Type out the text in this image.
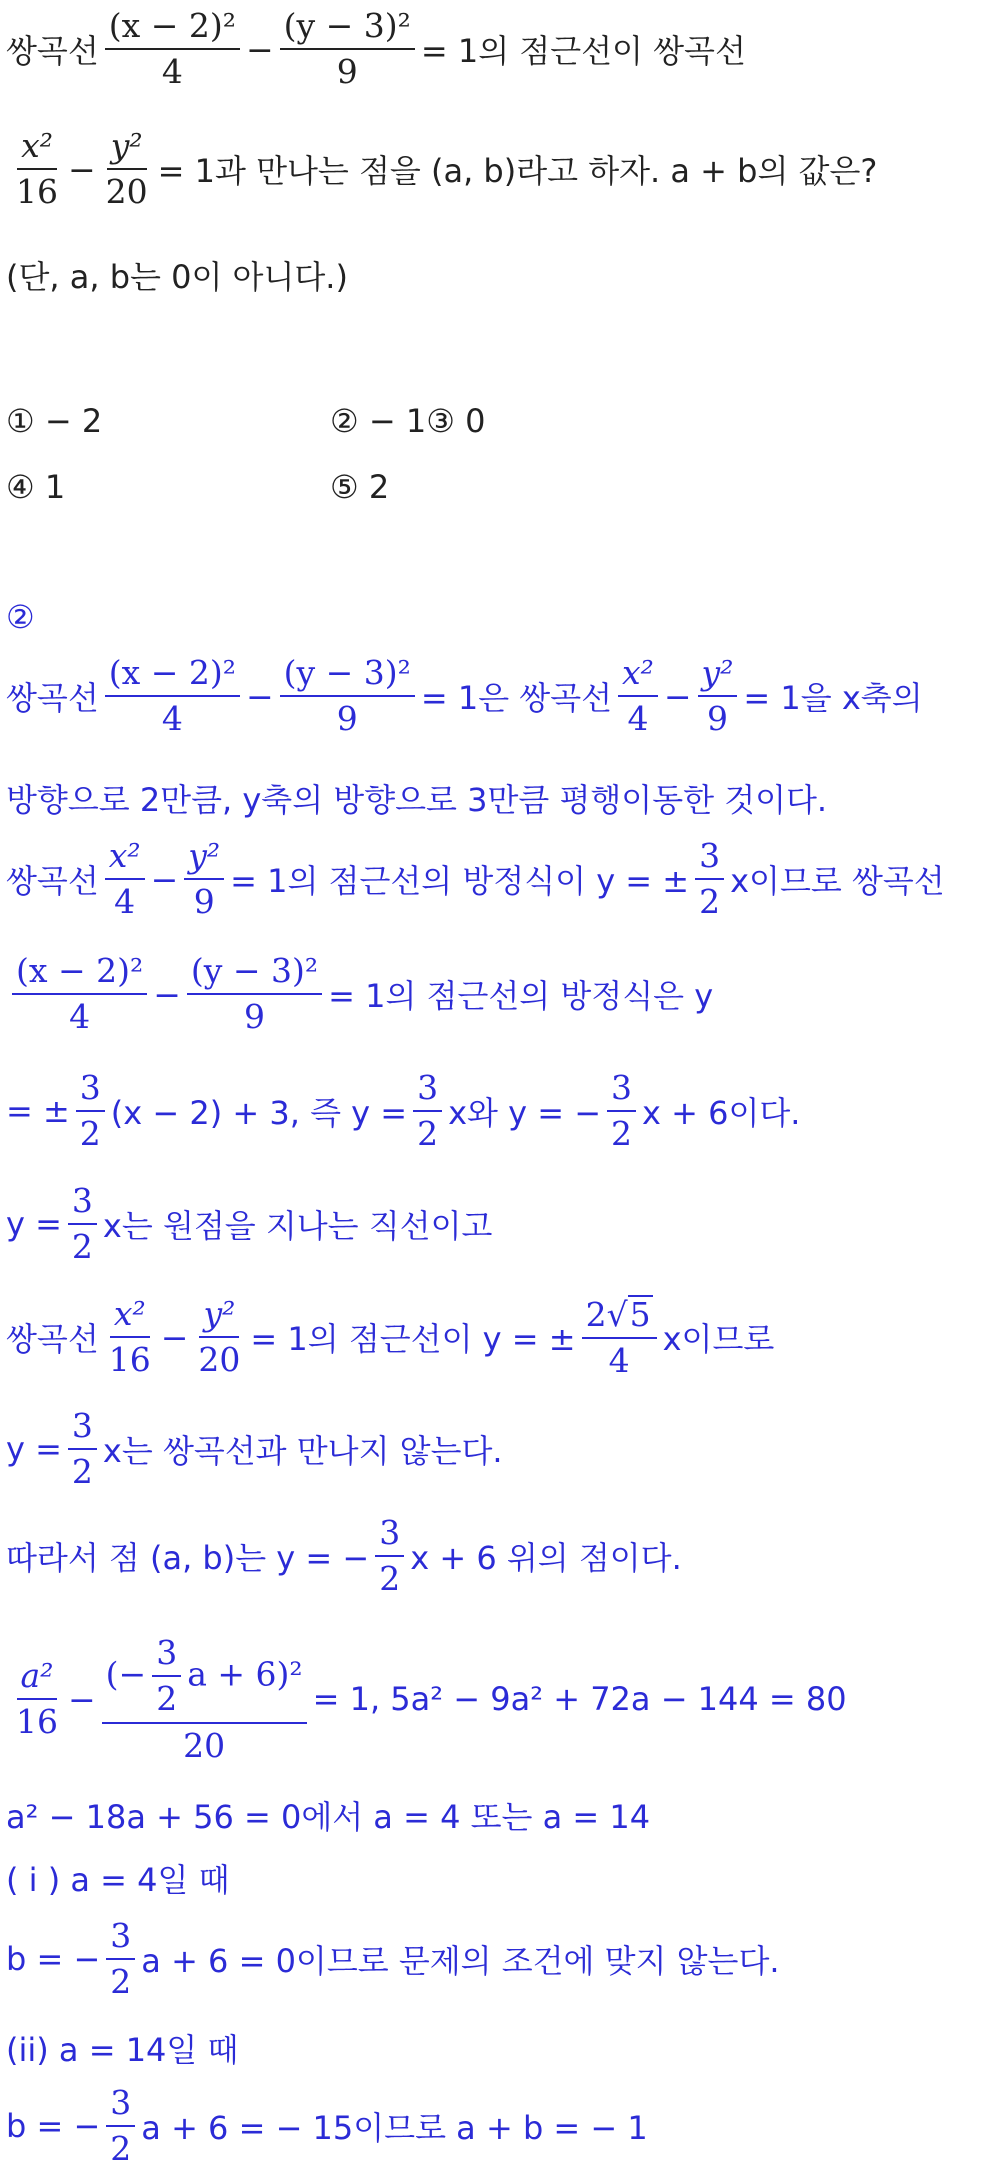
쌍곡선 $\frac{\text{(x − 2)²}}{4} - \frac{\text{(y − 3)²}}{9} = 1$의 점근선이 쌍곡선
$\frac{\text{x²}}{16} - \frac{\text{y²}}{20} = 1$과 만나는 점을 (a, b)라고 하자. a + b의 값은?
(단, a, b는 0이 아니다.)
① − 2	② − 1③ 0
④ 1	⑤ 2
②
쌍곡선 $\frac{\text{(x − 2)²}}{4} - \frac{\text{(y − 3)²}}{9} = 1$은 쌍곡선 $\frac{\text{x²}}{4} - \frac{\text{y²}}{9} = 1$을 x축의
방향으로 2만큼, y축의 방향으로 3만큼 평행이동한 것이다.
쌍곡선 $\frac{\text{x²}}{4} - \frac{\text{y²}}{9} = 1$의 점근선의 방정식이 y = ± $\frac{3}{2}$ x이므로 쌍곡선
$\frac{\text{(x − 2)²}}{4} - \frac{\text{(y − 3)²}}{9} = 1$의 점근선의 방정식은 y
= ± $\frac{3}{2} (x - 2) + 3$, 즉 $y = \frac{3}{2}$ x와 y = − $\frac{3}{2}$ x + 6이다.
$y = \frac{3}{2}$ x는 원점을 지나는 직선이고
쌍곡선 $\frac{\text{x²}}{16} - \frac{\text{y²}}{20} = 1$의 점근선이 y = ± $\frac{2 √ 5}{4}$ x이므로
$y = \frac{3}{2}$ x는 쌍곡선과 만나지 않는다.
따라서 점 (a, b)는 y = − $\frac{3}{2}$ x + 6 위의 점이다.
$\frac{\text{a²}}{16} - \frac{(- \frac{3}{2} a + 6)^2}{20} = 1$, 5a² − 9a² + 72a − 144 = 80
a² − 18a + 56 = 0에서 a = 4 또는 a = 14
( i ) a = 4일 때
b = − $\frac{3}{2}$ a + 6 = 0이므로 문제의 조건에 맞지 않는다.
(ii) a = 14일 때
b = − $\frac{3}{2}$ a + 6 = − 15이므로 a + b = − 1
